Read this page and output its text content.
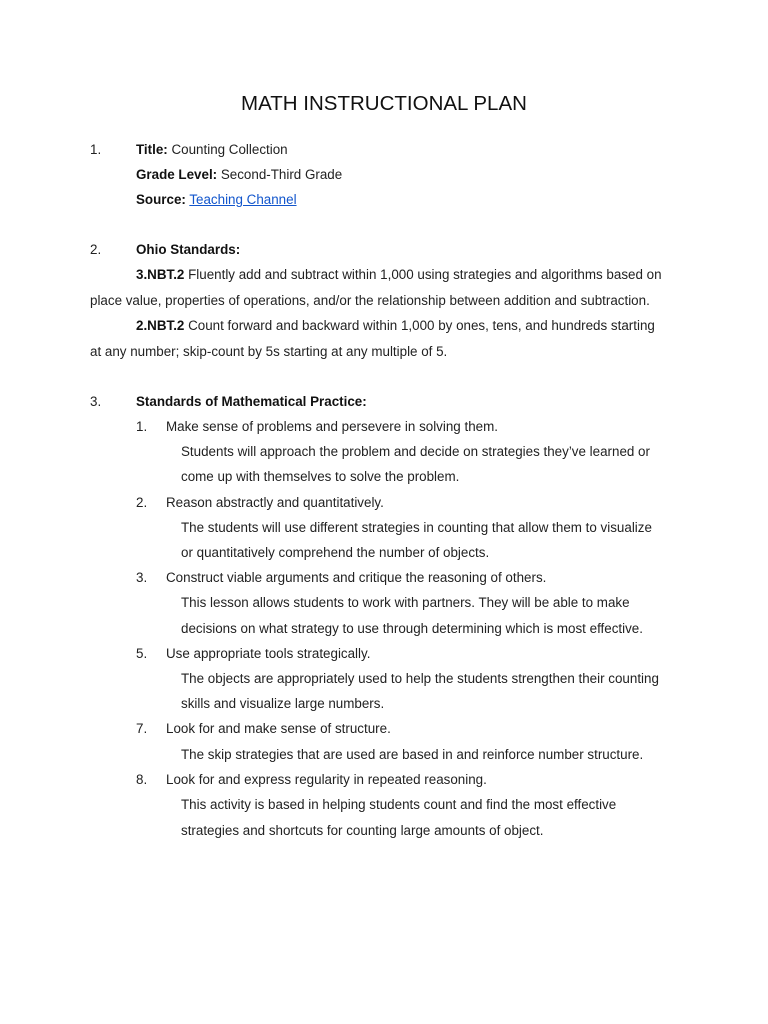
MATH INSTRUCTIONAL PLAN
1.	Title: Counting Collection
Grade Level: Second-Third Grade
Source: Teaching Channel
2.	Ohio Standards:
3.NBT.2 Fluently add and subtract within 1,000 using strategies and algorithms based on
place value, properties of operations, and/or the relationship between addition and subtraction.
2.NBT.2 Count forward and backward within 1,000 by ones, tens, and hundreds starting
at any number; skip-count by 5s starting at any multiple of 5.
3.	Standards of Mathematical Practice:
1. Make sense of problems and persevere in solving them.
Students will approach the problem and decide on strategies they’ve learned or
come up with themselves to solve the problem.
2. Reason abstractly and quantitatively.
The students will use different strategies in counting that allow them to visualize
or quantitatively comprehend the number of objects.
3. Construct viable arguments and critique the reasoning of others.
This lesson allows students to work with partners. They will be able to make
decisions on what strategy to use through determining which is most effective.
5. Use appropriate tools strategically.
The objects are appropriately used to help the students strengthen their counting
skills and visualize large numbers.
7. Look for and make sense of structure.
The skip strategies that are used are based in and reinforce number structure.
8. Look for and express regularity in repeated reasoning.
This activity is based in helping students count and find the most effective
strategies and shortcuts for counting large amounts of object.
